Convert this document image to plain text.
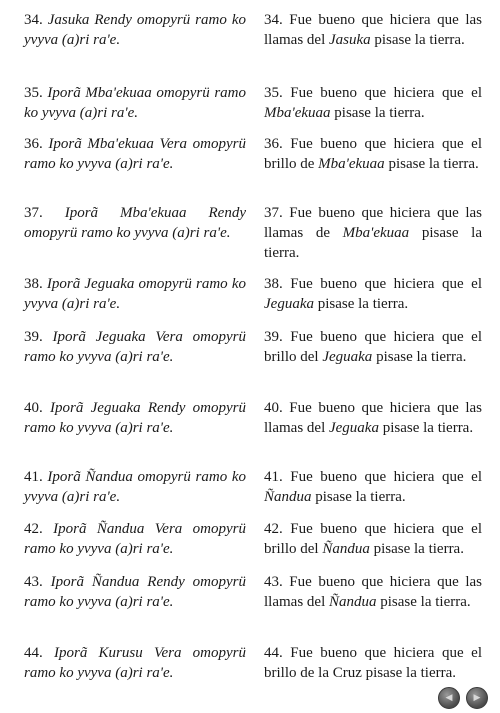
34. Jasuka Rendy omopyrü ramo ko yvyva (a)ri ra'e.

34. Fue bueno que hiciera que las llamas del Jasuka pisase la tierra.

35. Iporã Mba'ekuaa omopyrü ramo ko yvyva (a)ri ra'e.

35. Fue bueno que hiciera que el Mba'ekuaa pisase la tierra.

36. Iporã Mba'ekuaa Vera omopyrü ramo ko yvyva (a)ri ra'e.

36. Fue bueno que hiciera que el brillo de Mba'ekuaa pisase la tierra.

37. Iporã Mba'ekuaa Rendy omopyrü ramo ko yvyva (a)ri ra'e.

37. Fue bueno que hiciera que las llamas de Mba'ekuaa pisase la tierra.

38. Iporã Jeguaka omopyrü ramo ko yvyva (a)ri ra'e.

38. Fue bueno que hiciera que el Jeguaka pisase la tierra.

39. Iporã Jeguaka Vera omopyrü ramo ko yvyva (a)ri ra'e.

39. Fue bueno que hiciera que el brillo del Jeguaka pisase la tierra.

40. Iporã Jeguaka Rendy omopyrü ramo ko yvyva (a)ri ra'e.

40. Fue bueno que hiciera que las llamas del Jeguaka pisase la tierra.

41. Iporã Ñandua omopyrü ramo ko yvyva (a)ri ra'e.

41. Fue bueno que hiciera que el Ñandua pisase la tierra.

42. Iporã Ñandua Vera omopyrü ramo ko yvyva (a)ri ra'e.

42. Fue bueno que hiciera que el brillo del Ñandua pisase la tierra.

43. Iporã Ñandua Rendy omopyrü ramo ko yvyva (a)ri ra'e.

43. Fue bueno que hiciera que las llamas del Ñandua pisase la tierra.

44. Iporã Kurusu Vera omopyrü ramo ko yvyva (a)ri ra'e.

44. Fue bueno que hiciera que el brillo de la Cruz pisase la tierra.

◀	▶
